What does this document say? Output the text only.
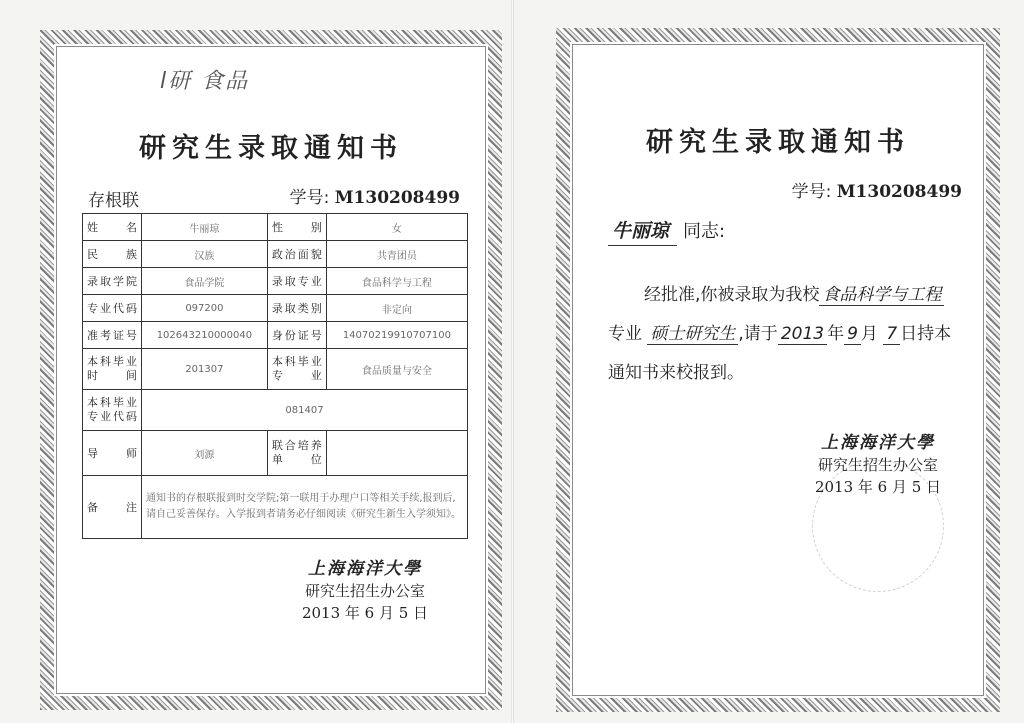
l研 食品
研究生录取通知书
存根联	学号: M130208499
姓 名	牛丽琼	性 别	女
民 族	汉族	政治面貌	共青团员
录取学院	食品学院	录取专业	食品科学与工程
专业代码	097200	录取类别	非定向
准考证号	102643210000040	身份证号	14070219910707100
本科毕业时 间	201307	本科毕业专 业	食品质量与安全
本科毕业专业代码	081407		
导 师	刘源	联合培养单 位	
备 注	通知书的存根联报到时交学院;第一联用于办理户口等相关手续,报到后,请自己妥善保存。入学报到者请务必仔细阅读《研究生新生入学须知》。		
上海海洋大學
研究生招生办公室
2013 年 6 月 5 日
研究生录取通知书
学号: M130208499
牛丽琼 同志:
经批准,你被录取为我校 食品科学与工程 专业 硕士研究生 ,请于 2013 年 9 月 7 日持本通知书来校报到。
上海海洋大學
研究生招生办公室
2013 年 6 月 5 日
